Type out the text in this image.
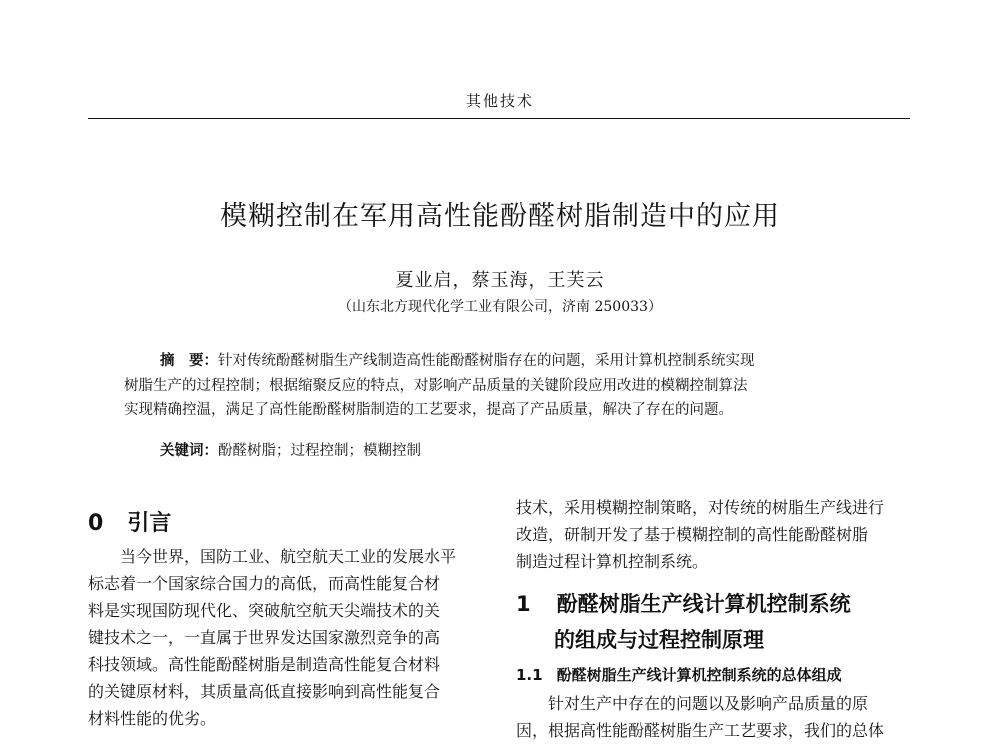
其他技术
模糊控制在军用高性能酚醛树脂制造中的应用
夏业启，蔡玉海，王芙云
（山东北方现代化学工业有限公司，济南 250033）
摘　要：针对传统酚醛树脂生产线制造高性能酚醛树脂存在的问题，采用计算机控制系统实现
树脂生产的过程控制；根据缩聚反应的特点，对影响产品质量的关键阶段应用改进的模糊控制算法
实现精确控温，满足了高性能酚醛树脂制造的工艺要求，提高了产品质量，解决了存在的问题。
关键词：酚醛树脂；过程控制；模糊控制
0 引言
当今世界，国防工业、航空航天工业的发展水平
标志着一个国家综合国力的高低，而高性能复合材
料是实现国防现代化、突破航空航天尖端技术的关
键技术之一，一直属于世界发达国家激烈竞争的高
科技领域。高性能酚醛树脂是制造高性能复合材料
的关键原材料，其质量高低直接影响到高性能复合
材料性能的优劣。
技术，采用模糊控制策略，对传统的树脂生产线进行
改造，研制开发了基于模糊控制的高性能酚醛树脂
制造过程计算机控制系统。
1 酚醛树脂生产线计算机控制系统
的组成与过程控制原理
1.1 酚醛树脂生产线计算机控制系统的总体组成
针对生产中存在的问题以及影响产品质量的原
因，根据高性能酚醛树脂生产工艺要求，我们的总体
